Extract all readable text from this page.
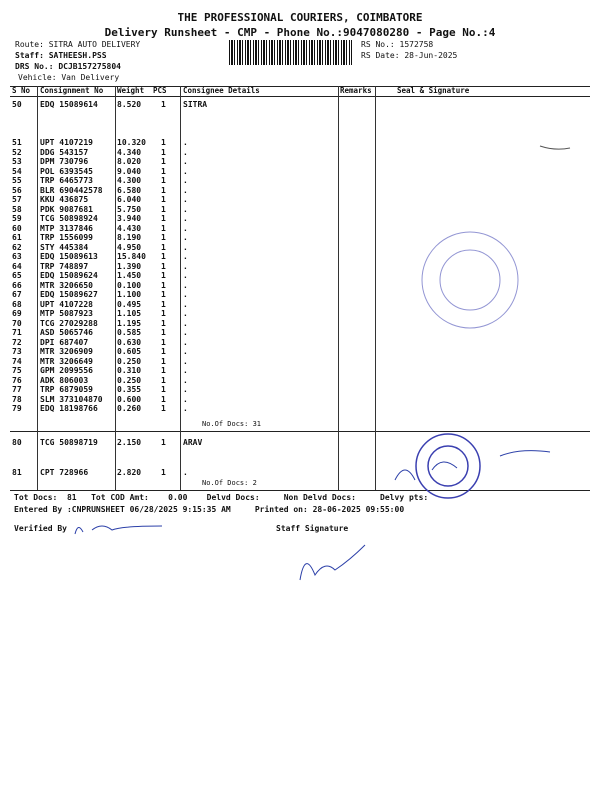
THE PROFESSIONAL COURIERS, COIMBATORE
Delivery Runsheet - CMP - Phone No.:9047080280 - Page No.:4
Route: SITRA AUTO DELIVERY
Staff: SATHEESH.PSS
DRS No.: DCJB157275804
Vehicle: Van Delivery
RS No.: 1572758
RS Date: 28-Jun-2025
S No Consignment No Weight PCS Consignee Details	Remarks	Seal & Signature
50 EDQ 15089614 8.520 1 SITRA
51 UPT 4107219	10.320 1 .
52 DDG 543157	4.340 1 .
53 DPM 730796	8.020 1 .
54 POL 6393545	9.040 1 .
55 TRP 6465773	4.300 1 .
56 BLR 690442578 6.580 1 .
57 KKU 436875	6.040 1 .
58 PDK 9087681	5.750 1 .
59 TCG 50898924 3.940 1 .
60 MTP 3137846	4.430 1 .
61 TRP 1556099	8.190 1 .
62 STY 445384	4.950 1 .
63 EDQ 15089613 15.840 1 .
64 TRP 748897	1.390 1 .
65 EDQ 15089624 1.450 1 .
66 MTR 3206650	0.100 1 .
67 EDQ 15089627 1.100 1 .
68 UPT 4107228	0.495 1 .
69 MTP 5087923	1.105 1 .
70 TCG 27029288 1.195 1 .
71 ASD 5065746	0.585 1 .
72 DPI 687407	0.630 1 .
73 MTR 3206909	0.605 1 .
74 MTR 3206649	0.250 1 .
75 GPM 2099556	0.310 1 .
76 ADK 806003	0.250 1 .
77 TRP 6879059	0.355 1 .
78 SLM 373104870 0.600 1 .
79 EDQ 18198766 0.260 1 .
No.Of Docs: 31
80 TCG 50898719 2.150 1 ARAV
81 CPT 728966	2.820 1 .
No.Of Docs: 2
Tot Docs:  81   Tot COD Amt:    0.00    Delvd Docs:     Non Delvd Docs:     Delvy pts:
Entered By :CNPRUNSHEET 06/28/2025 9:15:35 AM     Printed on: 28-06-2025 09:55:00
Verified By	Staff Signature
